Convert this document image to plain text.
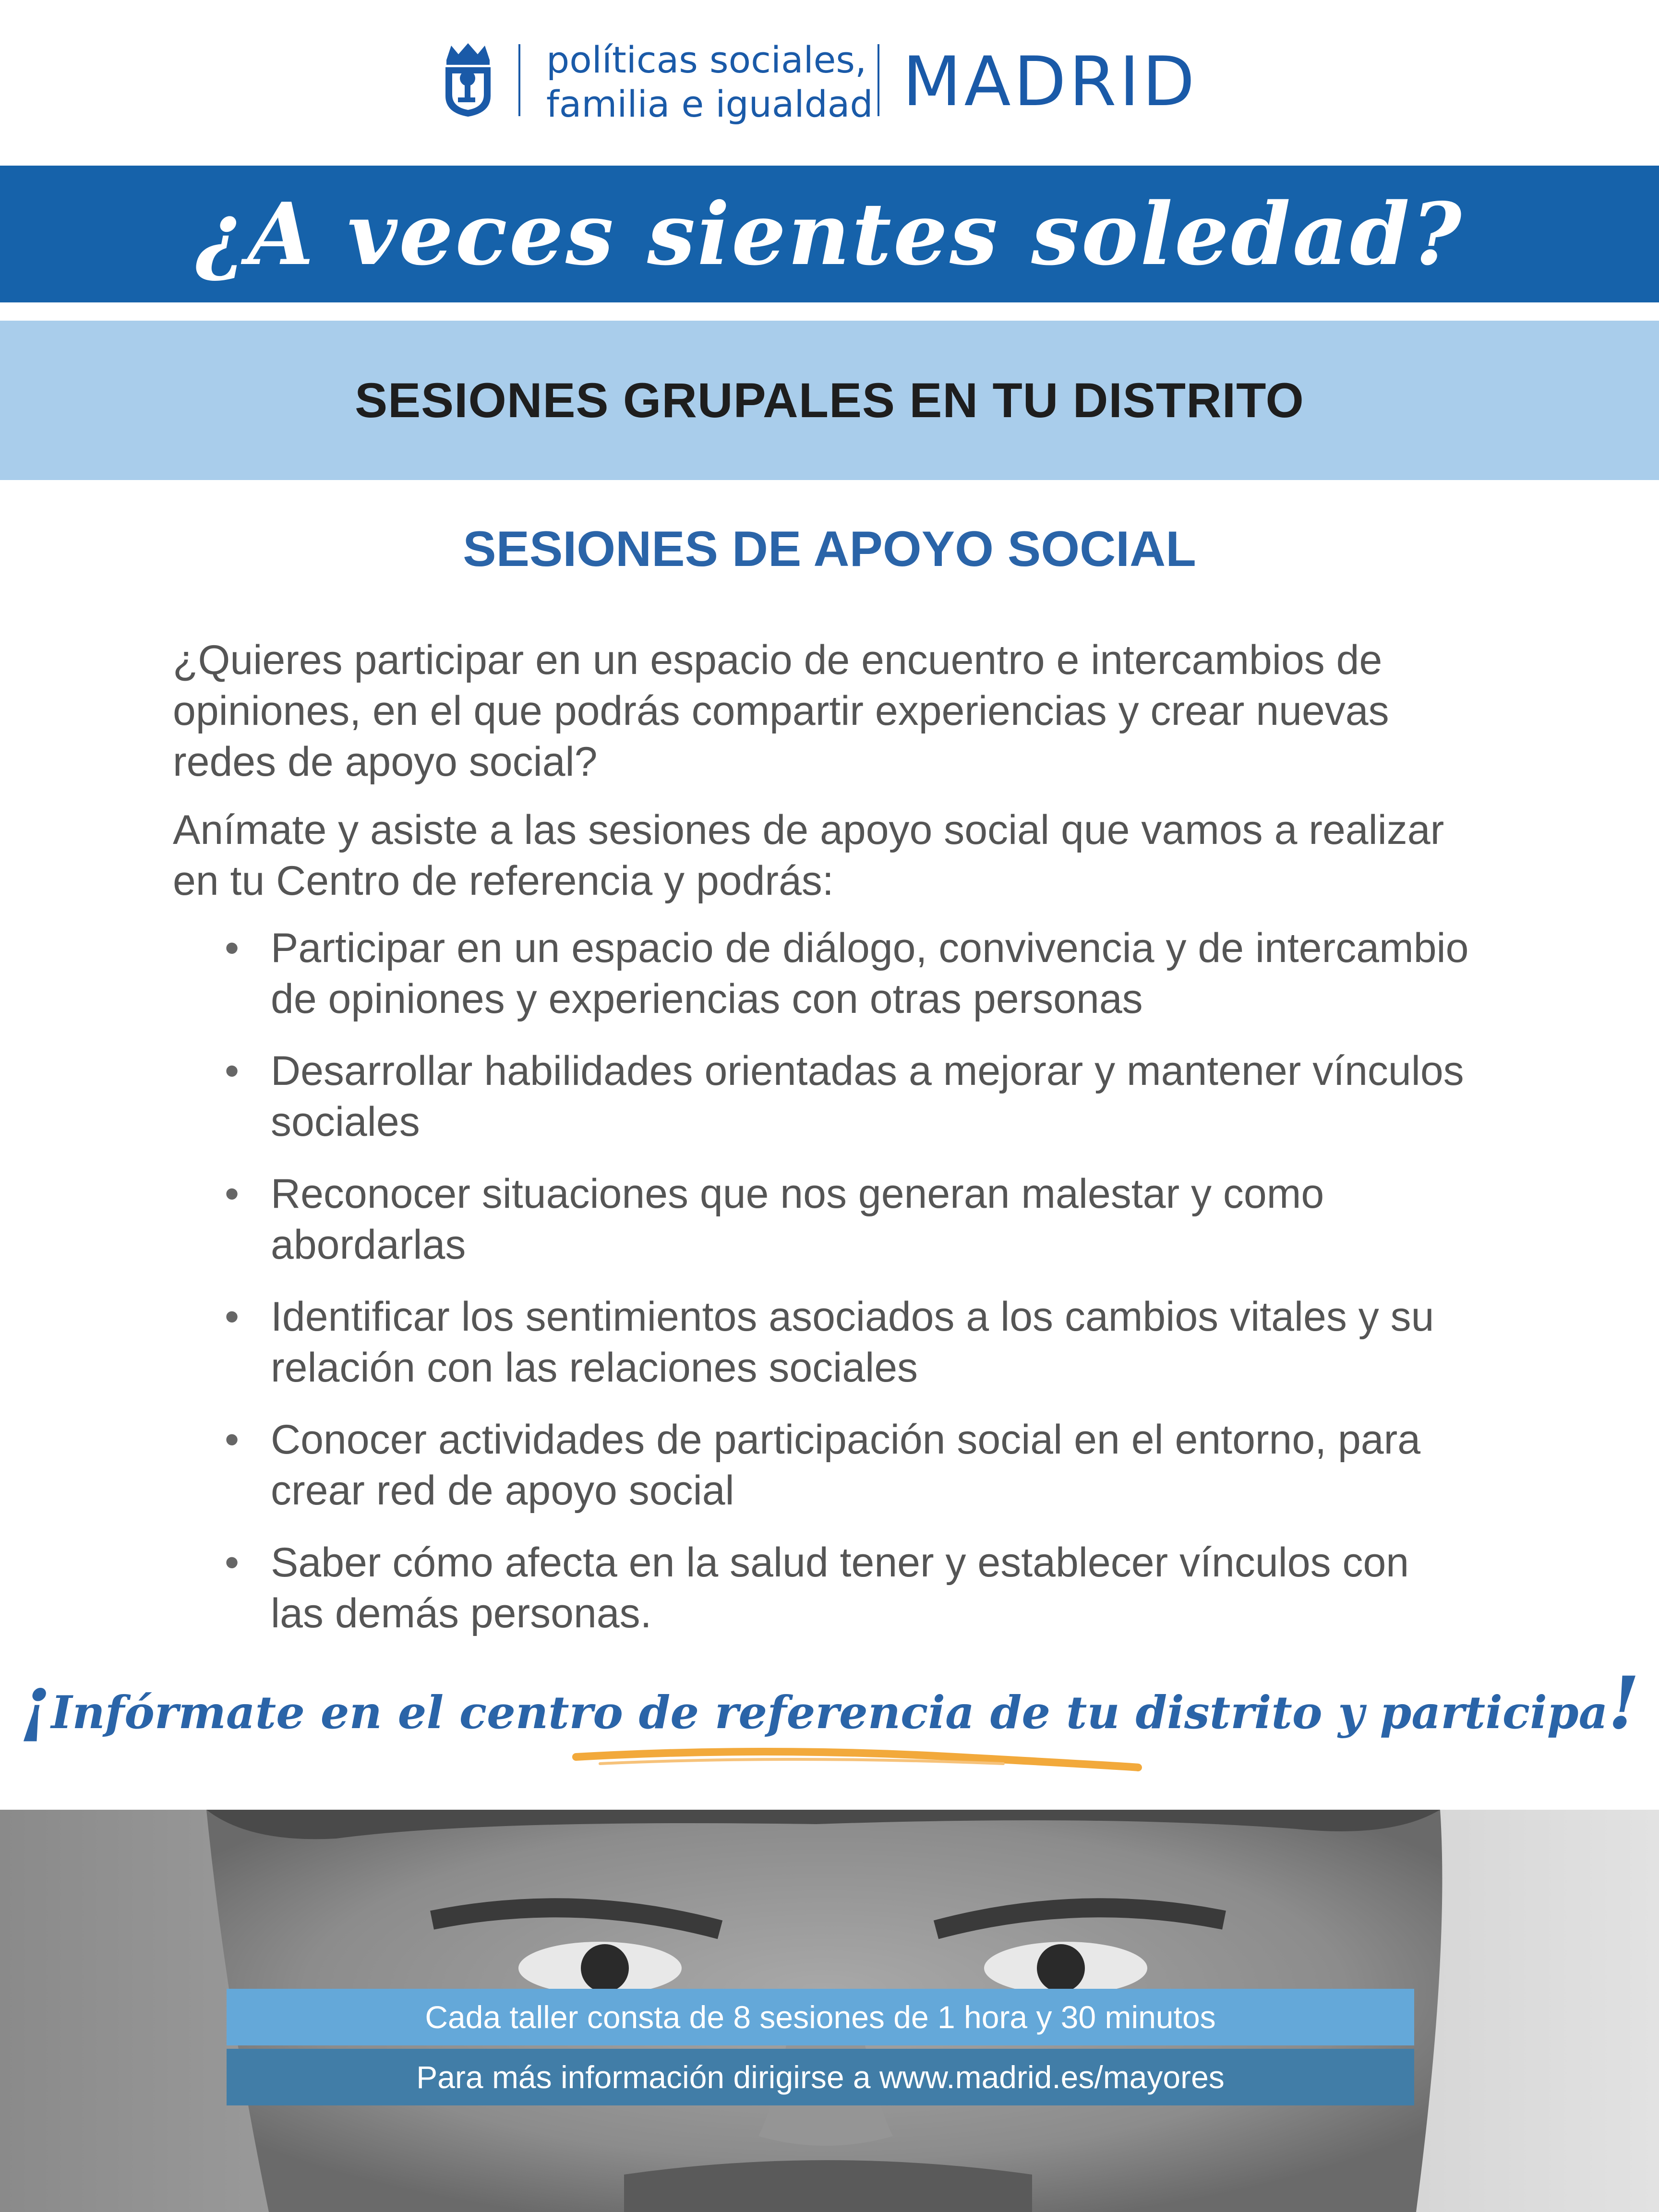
políticas sociales,
familia e igualdad MADRID
¿A veces sientes soledad?
SESIONES GRUPALES EN TU DISTRITO
SESIONES DE APOYO SOCIAL

¿Quieres participar en un espacio de encuentro e intercambios de opiniones, en el que podrás compartir experiencias y crear nuevas redes de apoyo social?

Anímate y asiste a las sesiones de apoyo social que vamos a realizar en tu Centro de referencia y podrás:

• Participar en un espacio de diálogo, convivencia y de intercambio de opiniones y experiencias con otras personas
• Desarrollar habilidades orientadas a mejorar y mantener vínculos sociales
• Reconocer situaciones que nos generan malestar y como abordarlas
• Identificar los sentimientos asociados a los cambios vitales y su relación con las relaciones sociales
• Conocer actividades de participación social en el entorno, para crear red de apoyo social
• Saber cómo afecta en la salud tener y establecer vínculos con las demás personas.
¡Infórmate en el centro de referencia de tu distrito y participa!
Cada taller consta de 8 sesiones de 1 hora y 30 minutos
Para más información dirigirse a www.madrid.es/mayores
